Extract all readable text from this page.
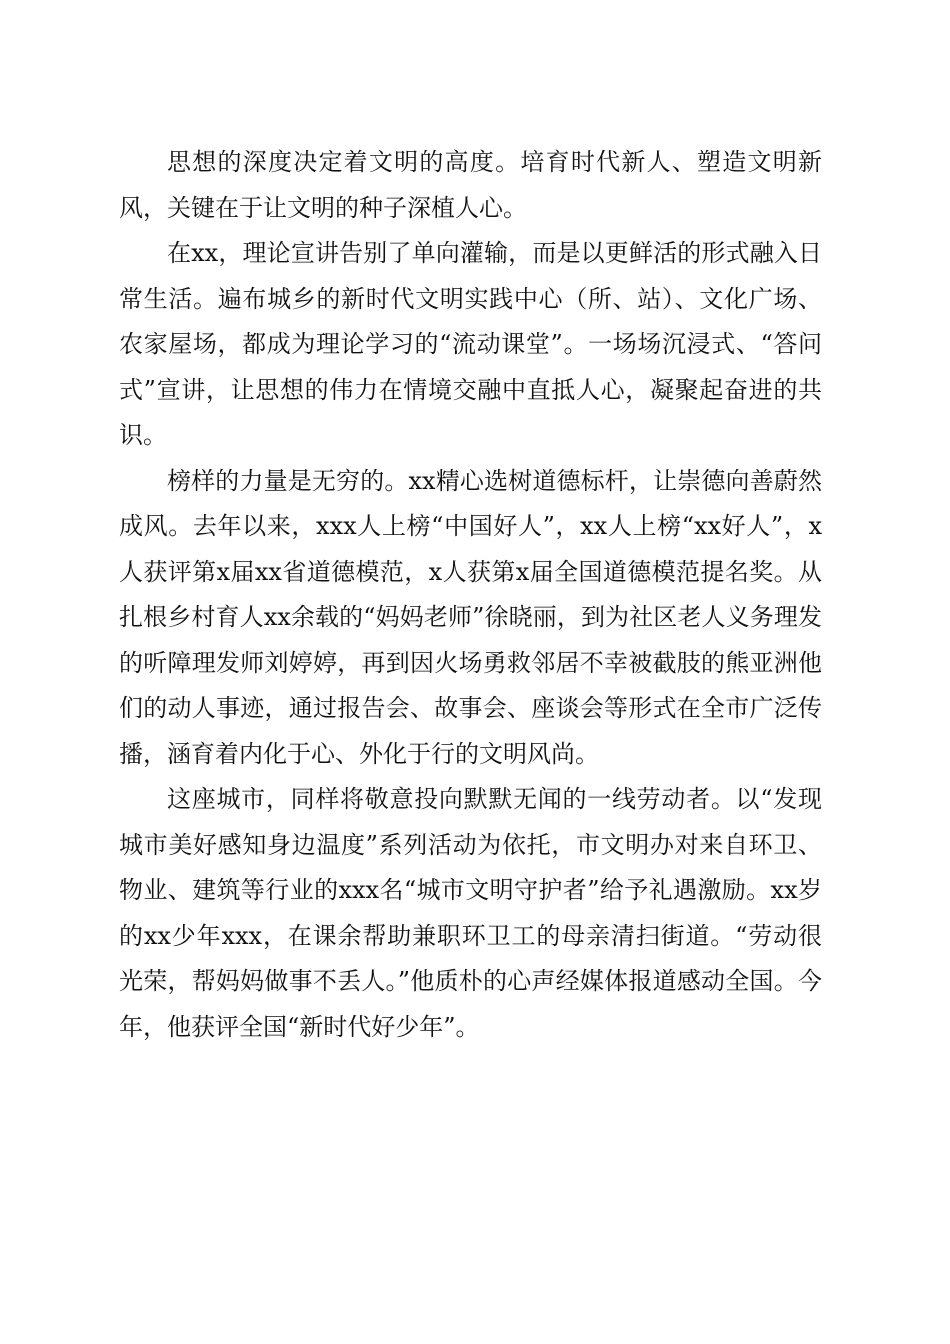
思想的深度决定着文明的高度。培育时代新人、塑造文明新风，关键在于让文明的种子深植人心。

在xx，理论宣讲告别了单向灌输，而是以更鲜活的形式融入日常生活。遍布城乡的新时代文明实践中心（所、站）、文化广场、农家屋场，都成为理论学习的“流动课堂”。一场场沉浸式、“答问式”宣讲，让思想的伟力在情境交融中直抵人心，凝聚起奋进的共识。

榜样的力量是无穷的。xx精心选树道德标杆，让崇德向善蔚然成风。去年以来，xxx人上榜“中国好人”，xx人上榜“xx好人”，x人获评第x届xx省道德模范，x人获第x届全国道德模范提名奖。从扎根乡村育人xx余载的“妈妈老师”徐晓丽，到为社区老人义务理发的听障理发师刘婷婷，再到因火场勇救邻居不幸被截肢的熊亚洲他们的动人事迹，通过报告会、故事会、座谈会等形式在全市广泛传播，涵育着内化于心、外化于行的文明风尚。

这座城市，同样将敬意投向默默无闻的一线劳动者。以“发现城市美好感知身边温度”系列活动为依托，市文明办对来自环卫、物业、建筑等行业的xxx名“城市文明守护者”给予礼遇激励。xx岁的xx少年xxx，在课余帮助兼职环卫工的母亲清扫街道。“劳动很光荣，帮妈妈做事不丢人。”他质朴的心声经媒体报道感动全国。今年，他获评全国“新时代好少年”。
